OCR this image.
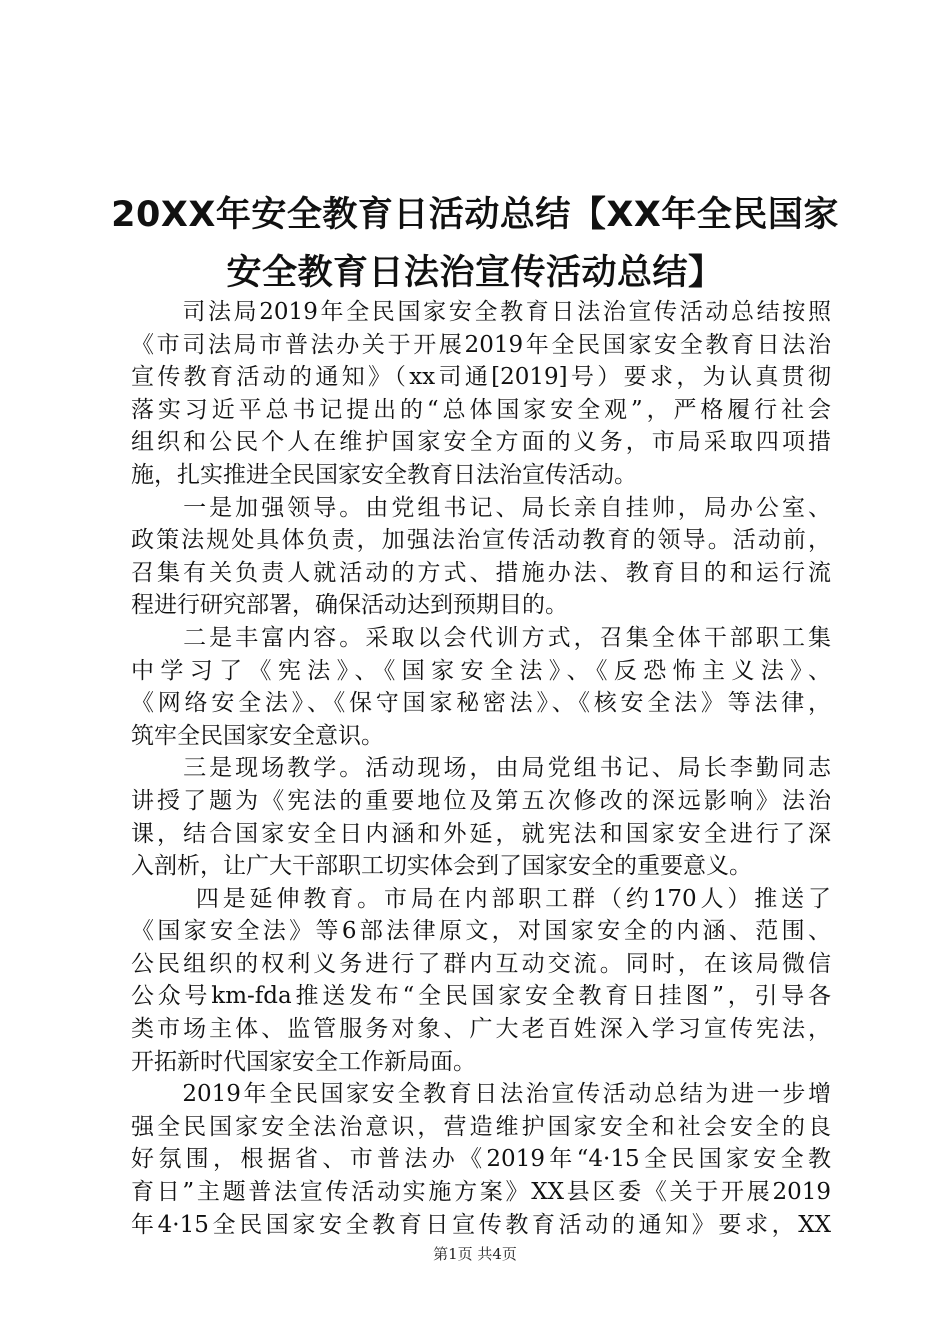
20XX年安全教育日活动总结【XX年全民国家
安全教育日法治宣传活动总结】
　　司法局2019年全民国家安全教育日法治宣传活动总结按照
《市司法局市普法办关于开展2019年全民国家安全教育日法治
宣传教育活动的通知》（xx司通[2019]号）要求，为认真贯彻
落实习近平总书记提出的“总体国家安全观”，严格履行社会
组织和公民个人在维护国家安全方面的义务，市局采取四项措
施，扎实推进全民国家安全教育日法治宣传活动。
　　一是加强领导。由党组书记、局长亲自挂帅，局办公室、
政策法规处具体负责，加强法治宣传活动教育的领导。活动前，
召集有关负责人就活动的方式、措施办法、教育目的和运行流
程进行研究部署，确保活动达到预期目的。
　　二是丰富内容。采取以会代训方式，召集全体干部职工集
中学习了《宪法》、《国家安全法》、《反恐怖主义法》、
《网络安全法》、《保守国家秘密法》、《核安全法》等法律，
筑牢全民国家安全意识。
　　三是现场教学。活动现场，由局党组书记、局长李勤同志
讲授了题为《宪法的重要地位及第五次修改的深远影响》法治
课，结合国家安全日内涵和外延，就宪法和国家安全进行了深
入剖析，让广大干部职工切实体会到了国家安全的重要意义。
　　 四是延伸教育。市局在内部职工群（约170人）推送了
《国家安全法》等6部法律原文，对国家安全的内涵、范围、
公民组织的权利义务进行了群内互动交流。同时，在该局微信
公众号km-fda推送发布“全民国家安全教育日挂图”，引导各
类市场主体、监管服务对象、广大老百姓深入学习宣传宪法，
开拓新时代国家安全工作新局面。
　　2019年全民国家安全教育日法治宣传活动总结为进一步增
强全民国家安全法治意识，营造维护国家安全和社会安全的良
好氛围，根据省、市普法办《2019年“4·15全民国家安全教
育日”主题普法宣传活动实施方案》XX县区委《关于开展2019
年4·15全民国家安全教育日宣传教育活动的通知》要求，XX
第1页 共4页
